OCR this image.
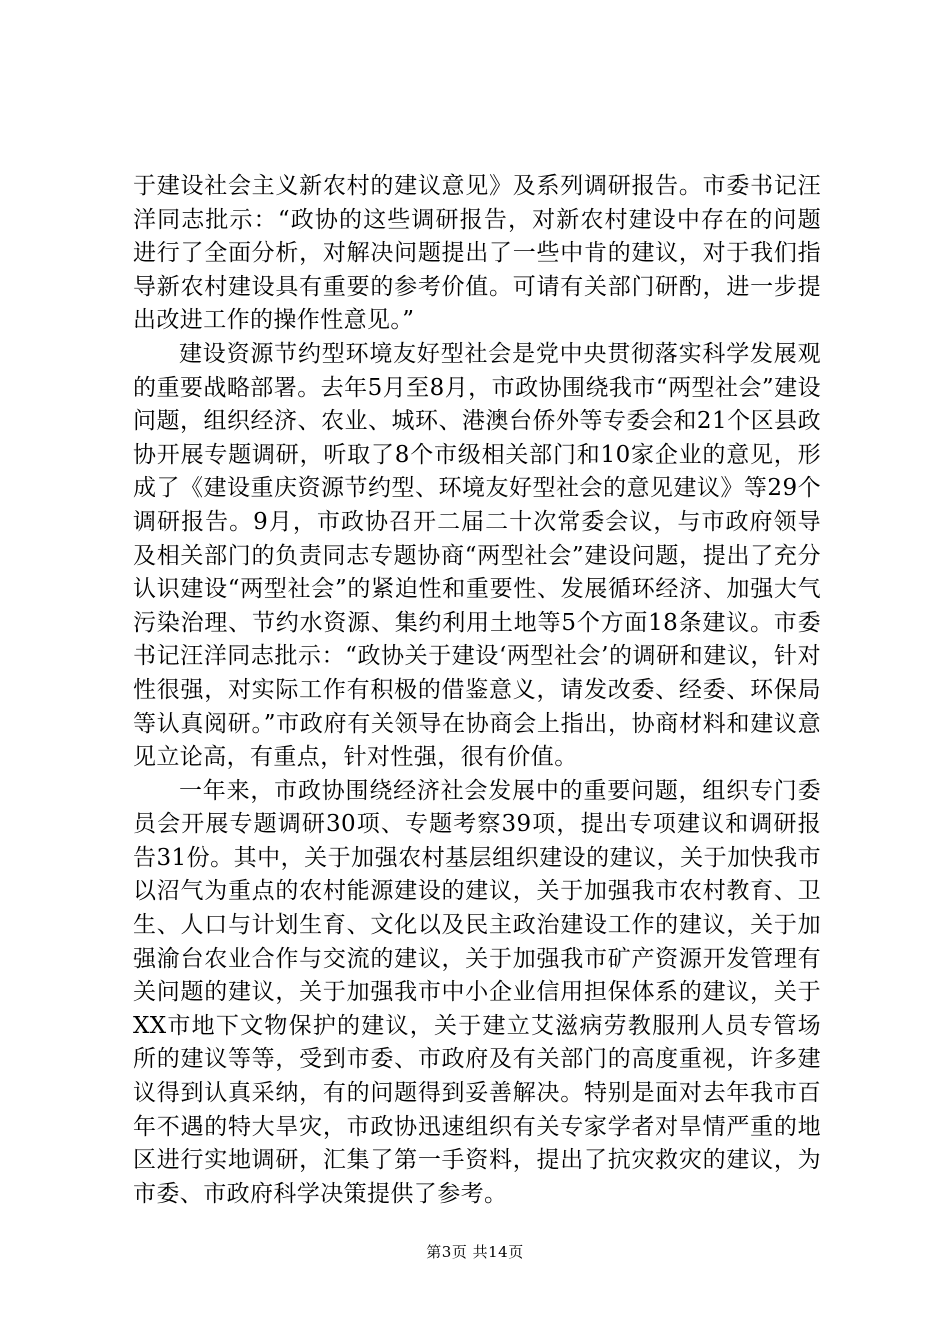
于建设社会主义新农村的建议意见》及系列调研报告。市委书记汪洋同志批示：“政协的这些调研报告，对新农村建设中存在的问题进行了全面分析，对解决问题提出了一些中肯的建议，对于我们指导新农村建设具有重要的参考价值。可请有关部门研酌，进一步提出改进工作的操作性意见。”

建设资源节约型环境友好型社会是党中央贯彻落实科学发展观的重要战略部署。去年5月至8月，市政协围绕我市“两型社会”建设问题，组织经济、农业、城环、港澳台侨外等专委会和21个区县政协开展专题调研，听取了8个市级相关部门和10家企业的意见，形成了《建设重庆资源节约型、环境友好型社会的意见建议》等29个调研报告。9月，市政协召开二届二十次常委会议，与市政府领导及相关部门的负责同志专题协商“两型社会”建设问题，提出了充分认识建设“两型社会”的紧迫性和重要性、发展循环经济、加强大气污染治理、节约水资源、集约利用土地等5个方面18条建议。市委书记汪洋同志批示：“政协关于建设‘两型社会’的调研和建议，针对性很强，对实际工作有积极的借鉴意义，请发改委、经委、环保局等认真阅研。”市政府有关领导在协商会上指出，协商材料和建议意见立论高，有重点，针对性强，很有价值。

一年来，市政协围绕经济社会发展中的重要问题，组织专门委员会开展专题调研30项、专题考察39项，提出专项建议和调研报告31份。其中，关于加强农村基层组织建设的建议，关于加快我市以沼气为重点的农村能源建设的建议，关于加强我市农村教育、卫生、人口与计划生育、文化以及民主政治建设工作的建议，关于加强渝台农业合作与交流的建议，关于加强我市矿产资源开发管理有关问题的建议，关于加强我市中小企业信用担保体系的建议，关于XX市地下文物保护的建议，关于建立艾滋病劳教服刑人员专管场所的建议等等，受到市委、市政府及有关部门的高度重视，许多建议得到认真采纳，有的问题得到妥善解决。特别是面对去年我市百年不遇的特大旱灾，市政协迅速组织有关专家学者对旱情严重的地区进行实地调研，汇集了第一手资料，提出了抗灾救灾的建议，为市委、市政府科学决策提供了参考。

第3页 共14页
